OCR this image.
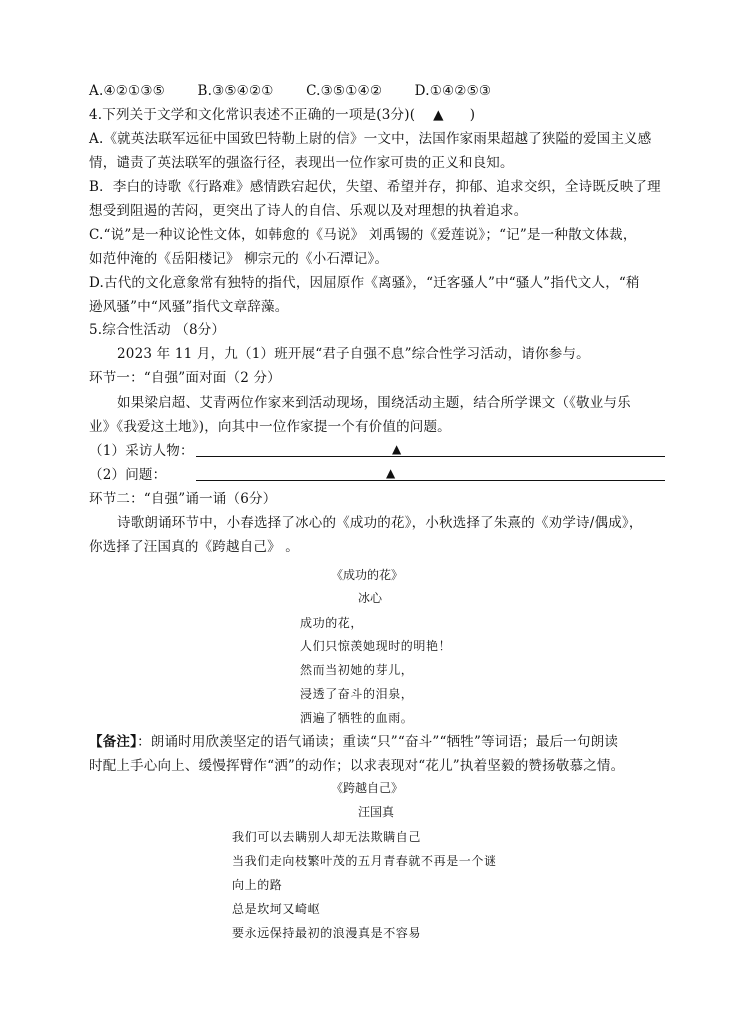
A.④②①③⑤ B.③⑤④②① C.③⑤①④② D.①④②⑤③
4.下列关于文学和文化常识表述不正确的一项是(3分)( ▲ )
A.《就英法联军远征中国致巴特勒上尉的信》一文中，法国作家雨果超越了狭隘的爱国主义感
情，谴责了英法联军的强盗行径，表现出一位作家可贵的正义和良知。
B．李白的诗歌《行路难》感情跌宕起伏，失望、希望并存，抑郁、追求交织，全诗既反映了理
想受到阻遏的苦闷，更突出了诗人的自信、乐观以及对理想的执着追求。
C.“说”是一种议论性文体，如韩愈的《马说》 刘禹锡的《爱莲说》；“记”是一种散文体裁，
如范仲淹的《岳阳楼记》 柳宗元的《小石潭记》。
D.古代的文化意象常有独特的指代，因屈原作《离骚》，“迁客骚人”中“骚人”指代文人，“稍
逊风骚”中“风骚”指代文章辞藻。
5.综合性活动 （8分）
2023 年 11 月，九（1）班开展“君子自强不息”综合性学习活动，请你参与。
环节一：“自强”面对面（2 分）
如果梁启超、艾青两位作家来到活动现场，围绕活动主题，结合所学课文（《敬业与乐
业》《我爱这土地》)，向其中一位作家提一个有价值的问题。
（1）采访人物：	▲
（2）问题：	▲
环节二：“自强”诵一诵（6分）
诗歌朗诵环节中，小春选择了冰心的《成功的花》，小秋选择了朱熹的《劝学诗/偶成》，
你选择了汪国真的《跨越自己》 。
《成功的花》
冰心
成功的花，
人们只惊羡她现时的明艳！
然而当初她的芽儿，
浸透了奋斗的泪泉，
洒遍了牺牲的血雨。
【备注】：朗诵时用欣羡坚定的语气诵读；重读“只”“奋斗”“牺牲”等词语；最后一句朗读
时配上手心向上、缓慢挥臂作“洒”的动作；以求表现对“花儿”执着坚毅的赞扬敬慕之情。
《跨越自己》
汪国真
我们可以去瞒别人却无法欺瞒自己
当我们走向枝繁叶茂的五月青春就不再是一个谜
向上的路
总是坎坷又崎岖
要永远保持最初的浪漫真是不容易
